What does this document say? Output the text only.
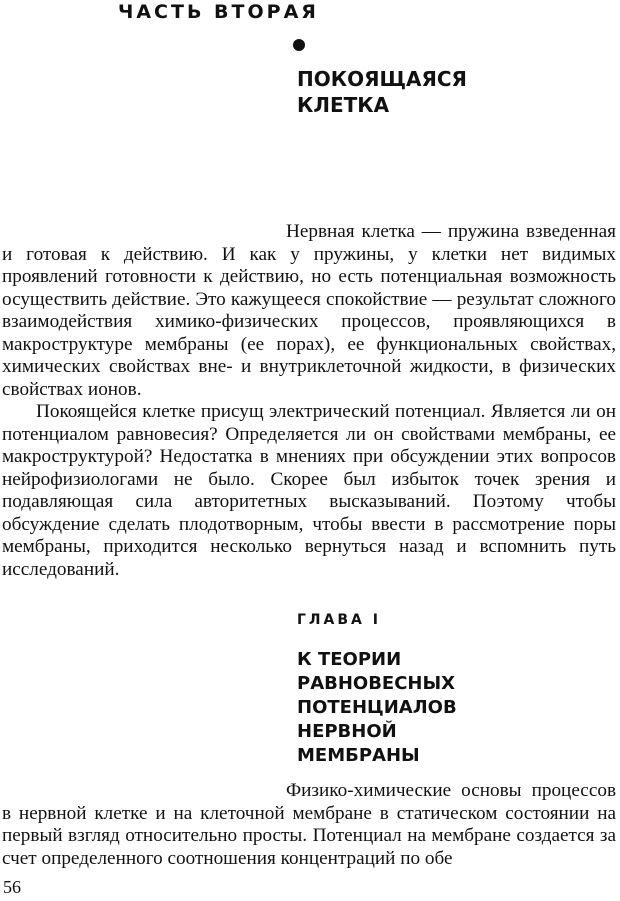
ЧАСТЬ ВТОРАЯ
ПОКОЯЩАЯСЯ
КЛЕТКА

Нервная клетка — пружина взведенная и готовая к действию. И как у пружины, у клетки нет видимых проявлений готовности к действию, но есть потенциальная возможность осуществить действие. Это кажущееся спокойствие — результат сложного взаимодействия химико-физических процессов, проявляющихся в макроструктуре мембраны (ее порах), ее функциональных свойствах, химических свойствах вне- и внутриклеточной жидкости, в физических свойствах ионов.

Покоящейся клетке присущ электрический потенциал. Является ли он потенциалом равновесия? Определяется ли он свойствами мембраны, ее макроструктурой? Недостатка в мнениях при обсуждении этих вопросов нейрофизиологами не было. Скорее был избыток точек зрения и подавляющая сила авторитетных высказываний. Поэтому чтобы обсуждение сделать плодотворным, чтобы ввести в рассмотрение поры мембраны, приходится несколько вернуться назад и вспомнить путь исследований.

ГЛАВА I
К ТЕОРИИ
РАВНОВЕСНЫХ
ПОТЕНЦИАЛОВ
НЕРВНОЙ
МЕМБРАНЫ

Физико-химические основы процессов в нервной клетке и на клеточной мембране в статическом состоянии на первый взгляд относительно просты. Потенциал на мембране создается за счет определенного соотношения концентраций по обе

56
